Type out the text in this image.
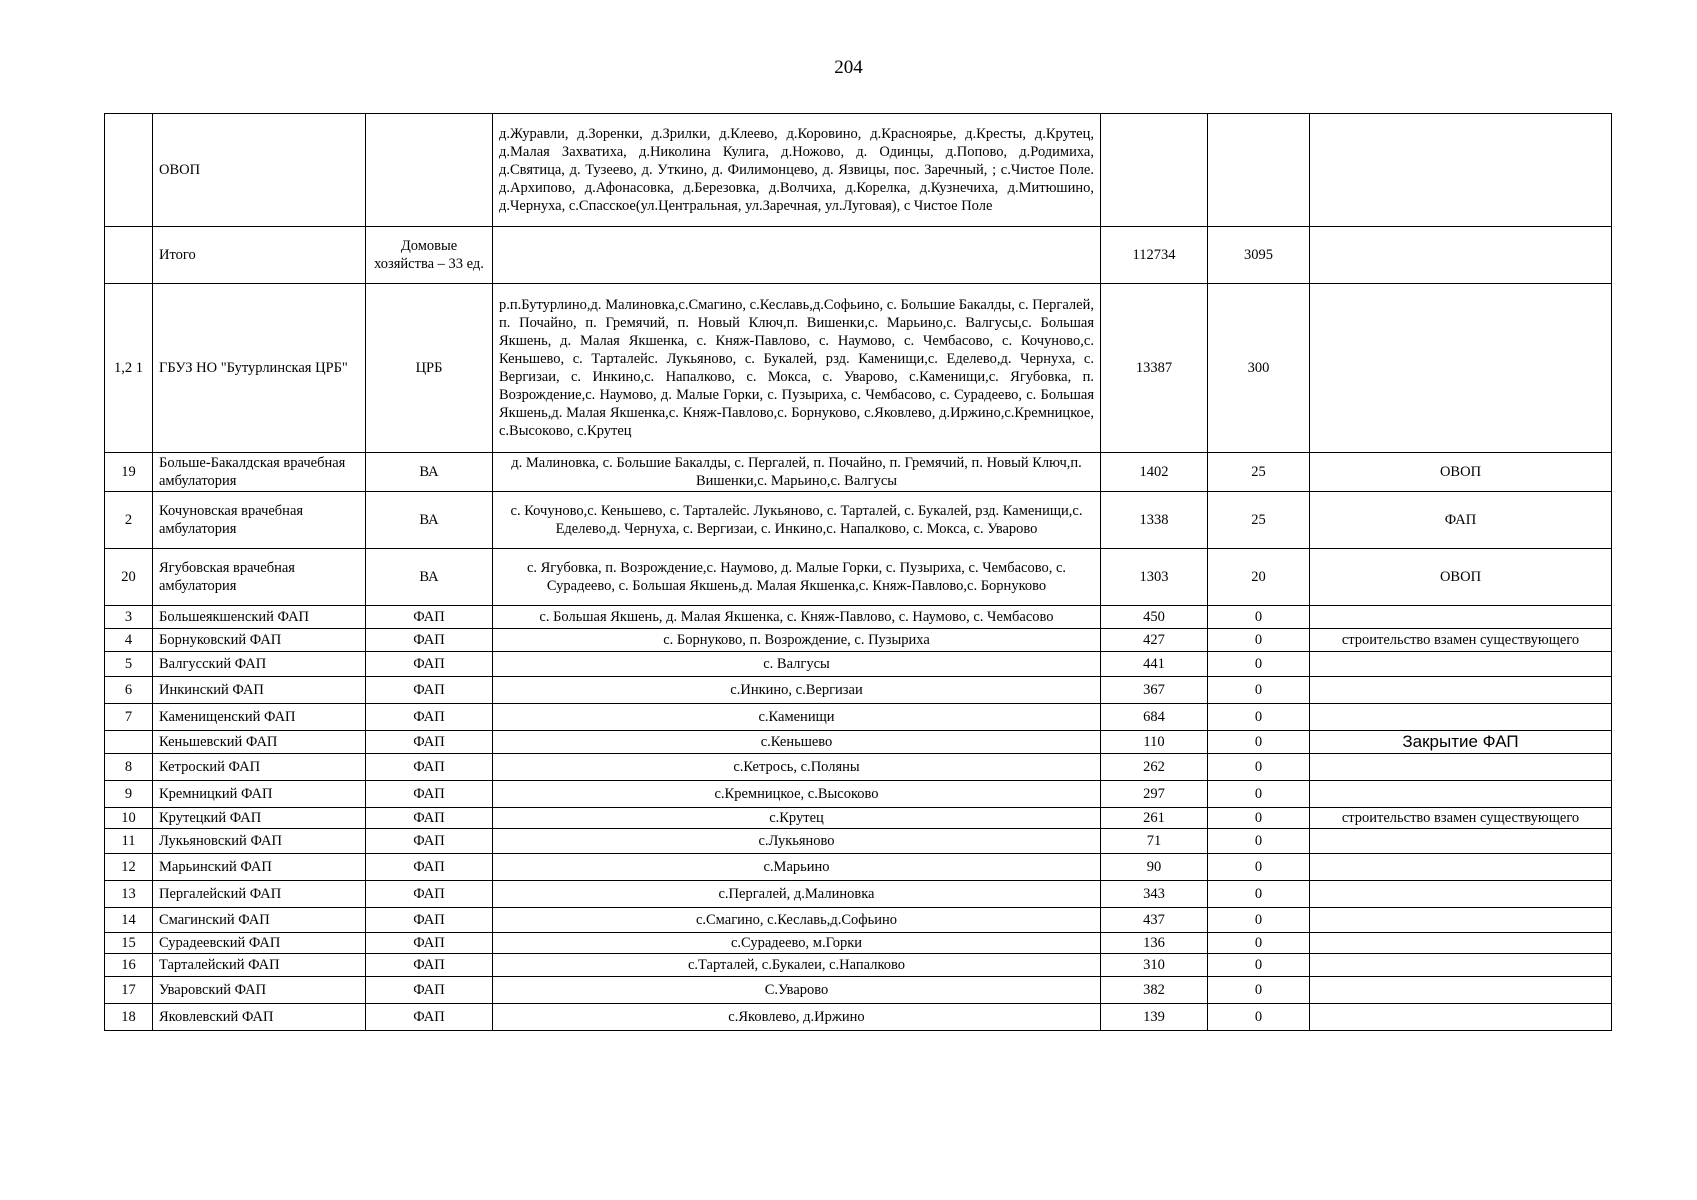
204
	ОВОП		д.Журавли, д.Зоренки, д.Зрилки, д.Клеево, д.Коровино, д.Красноярье, д.Кресты, д.Крутец, д.Малая Захватиха, д.Николина Кулига, д.Ножово, д. Одинцы, д.Попово, д.Родимиха, д.Святица, д. Тузеево, д. Уткино, д. Филимонцево, д. Язвицы, пос. Заречный, ; с.Чистое Поле. д.Архипово, д.Афонасовка, д.Березовка, д.Волчиха, д.Корелка, д.Кузнечиха, д.Митюшино, д.Чернуха, с.Спасское(ул.Центральная, ул.Заречная, ул.Луговая), с Чистое Поле			
	Итого	Домовые хозяйства – 33 ед.		112734	3095	
1,2 1	ГБУЗ НО "Бутурлинская ЦРБ"	ЦРБ	р.п.Бутурлино,д. Малиновка,с.Смагино, с.Кеславь,д.Софьино, с. Большие Бакалды, с. Пергалей, п. Почайно, п. Гремячий, п. Новый Ключ,п. Вишенки,с. Марьино,с. Валгусы,с. Большая Якшень, д. Малая Якшенка, с. Княж-Павлово, с. Наумово, с. Чембасово, с. Кочуново,с. Кеньшево, с. Тарталейс. Лукьяново, с. Букалей, рзд. Каменищи,с. Еделево,д. Чернуха, с. Вергизаи, с. Инкино,с. Напалково, с. Мокса, с. Уварово, с.Каменищи,с. Ягубовка, п. Возрождение,с. Наумово, д. Малые Горки, с. Пузыриха, с. Чембасово, с. Сурадеево, с. Большая Якшень,д. Малая Якшенка,с. Княж-Павлово,с. Борнуково, с.Яковлево, д.Иржино,с.Кремницкое, с.Высоково, с.Крутец	13387	300	
19	Больше-Бакалдская врачебная амбулатория	ВА	д. Малиновка, с. Большие Бакалды, с. Пергалей, п. Почайно, п. Гремячий, п. Новый Ключ,п. Вишенки,с. Марьино,с. Валгусы	1402	25	ОВОП
2	Кочуновская врачебная амбулатория	ВА	с. Кочуново,с. Кеньшево, с. Тарталейс. Лукьяново, с. Тарталей, с. Букалей, рзд. Каменищи,с. Еделево,д. Чернуха, с. Вергизаи, с. Инкино,с. Напалково, с. Мокса, с. Уварово	1338	25	ФАП
20	Ягубовская врачебная амбулатория	ВА	с. Ягубовка, п. Возрождение,с. Наумово, д. Малые Горки, с. Пузыриха, с. Чембасово, с. Сурадеево, с. Большая Якшень,д. Малая Якшенка,с. Княж-Павлово,с. Борнуково	1303	20	ОВОП
3	Большеякшенский ФАП	ФАП	с. Большая Якшень, д. Малая Якшенка, с. Княж-Павлово, с. Наумово, с. Чембасово	450	0	
4	Борнуковский ФАП	ФАП	с. Борнуково, п. Возрождение, с. Пузыриха	427	0	строительство взамен существующего
5	Валгусский ФАП	ФАП	с. Валгусы	441	0	
6	Инкинский ФАП	ФАП	с.Инкино, с.Вергизаи	367	0	
7	Каменищенский ФАП	ФАП	с.Каменищи	684	0	
	Кеньшевский ФАП	ФАП	с.Кеньшево	110	0	Закрытие ФАП
8	Кетроский ФАП	ФАП	с.Кетрось, с.Поляны	262	0	
9	Кремницкий ФАП	ФАП	с.Кремницкое, с.Высоково	297	0	
10	Крутецкий ФАП	ФАП	с.Крутец	261	0	строительство взамен существующего
11	Лукьяновский ФАП	ФАП	с.Лукьяново	71	0	
12	Марьинский ФАП	ФАП	с.Марьино	90	0	
13	Пергалейский ФАП	ФАП	с.Пергалей, д.Малиновка	343	0	
14	Смагинский ФАП	ФАП	с.Смагино, с.Кеславь,д.Софьино	437	0	
15	Сурадеевский ФАП	ФАП	с.Сурадеево, м.Горки	136	0	
16	Тарталейский ФАП	ФАП	с.Тарталей, с.Букалеи, с.Напалково	310	0	
17	Уваровский ФАП	ФАП	С.Уварово	382	0	
18	Яковлевский ФАП	ФАП	с.Яковлево, д.Иржино	139	0	
